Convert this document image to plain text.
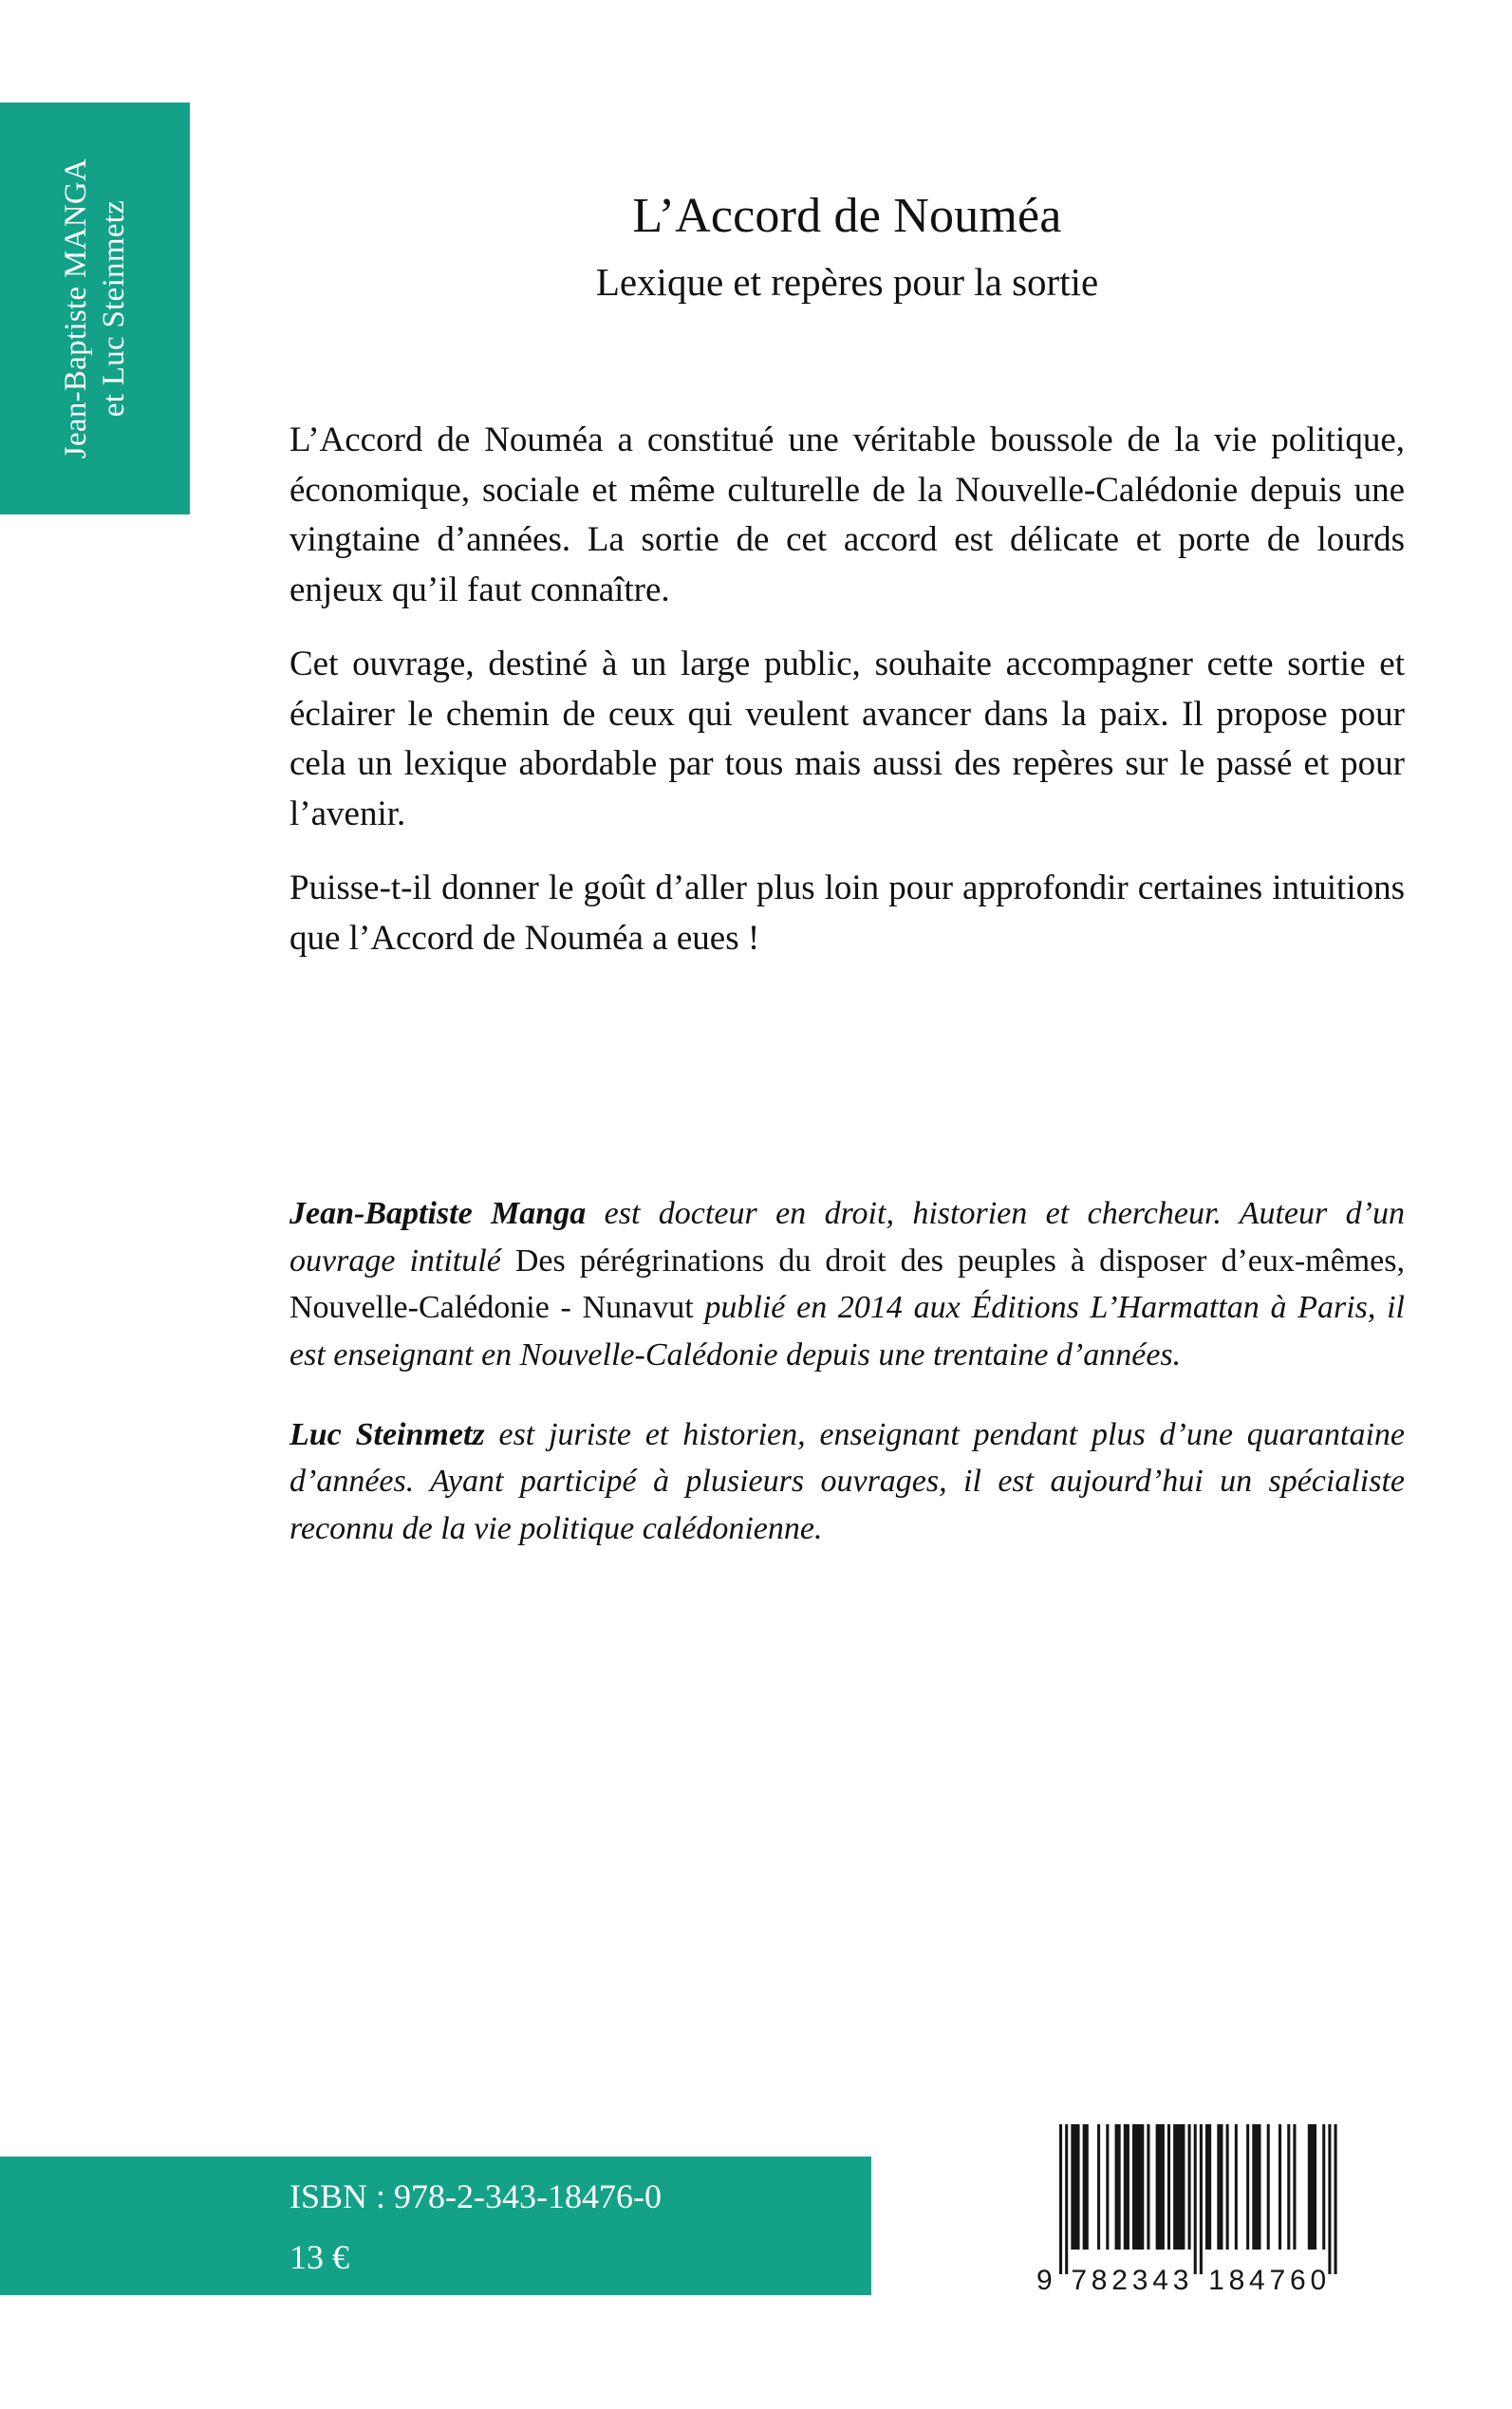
Jean-Baptiste MANGA et Luc Steinmetz	L’Accord de Nouméa
Lexique et repères pour la sortie

L’Accord de Nouméa a constitué une véritable boussole de la vie politique, économique, sociale et même culturelle de la Nouvelle-Calédonie depuis une vingtaine d’années. La sortie de cet accord est délicate et porte de lourds enjeux qu’il faut connaître.

Cet ouvrage, destiné à un large public, souhaite accompagner cette sortie et éclairer le chemin de ceux qui veulent avancer dans la paix. Il propose pour cela un lexique abordable par tous mais aussi des repères sur le passé et pour l’avenir.

Puisse-t-il donner le goût d’aller plus loin pour approfondir certaines intuitions que l’Accord de Nouméa a eues !

Jean-Baptiste Manga est docteur en droit, historien et chercheur. Auteur d’un ouvrage intitulé Des pérégrinations du droit des peuples à disposer d’eux-mêmes, Nouvelle-Calédonie - Nunavut publié en 2014 aux Éditions L’Harmattan à Paris, il est enseignant en Nouvelle-Calédonie depuis une trentaine d’années.

Luc Steinmetz est juriste et historien, enseignant pendant plus d’une quarantaine d’années. Ayant participé à plusieurs ouvrages, il est aujourd’hui un spécialiste reconnu de la vie politique calédonienne.

ISBN : 978-2-343-18476-0
13 €
9 782343 184760
